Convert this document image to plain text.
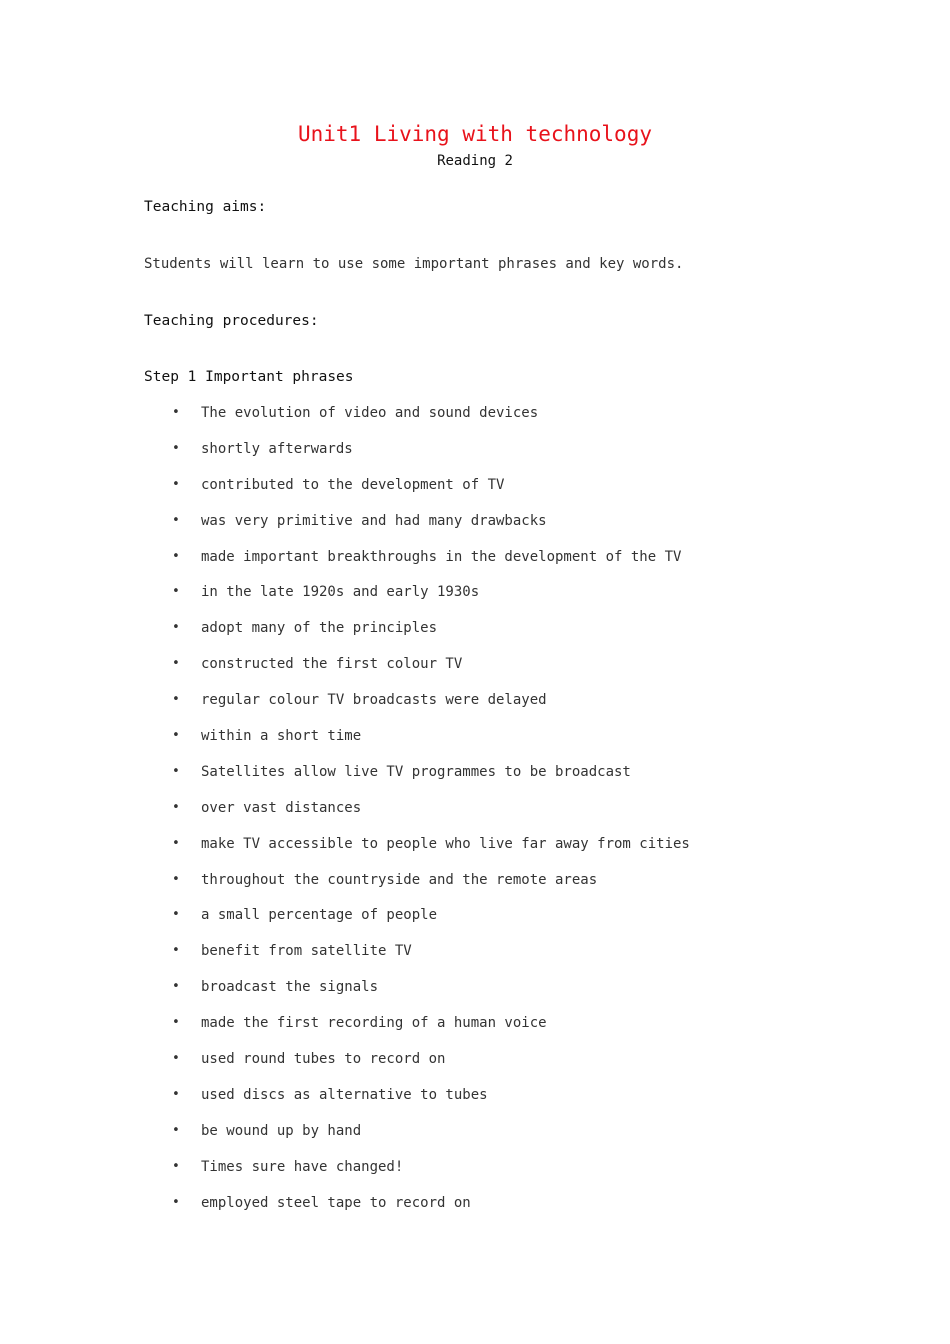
Unit1 Living with technology
Reading 2
Teaching aims:
Students will learn to use some important phrases and key words.
Teaching procedures:
Step 1 Important phrases
•	The evolution of video and sound devices
•	shortly afterwards
•	contributed to the development of TV
•	was very primitive and had many drawbacks
•	made important breakthroughs in the development of the TV
•	in the late 1920s and early 1930s
•	adopt many of the principles
•	constructed the first colour TV
•	regular colour TV broadcasts were delayed
•	within a short time
•	Satellites allow live TV programmes to be broadcast
•	over vast distances
•	make TV accessible to people who live far away from cities
•	throughout the countryside and the remote areas
•	a small percentage of people
•	benefit from satellite TV
•	broadcast the signals
•	made the first recording of a human voice
•	used round tubes to record on
•	used discs as alternative to tubes
•	be wound up by hand
•	Times sure have changed!
•	employed steel tape to record on
